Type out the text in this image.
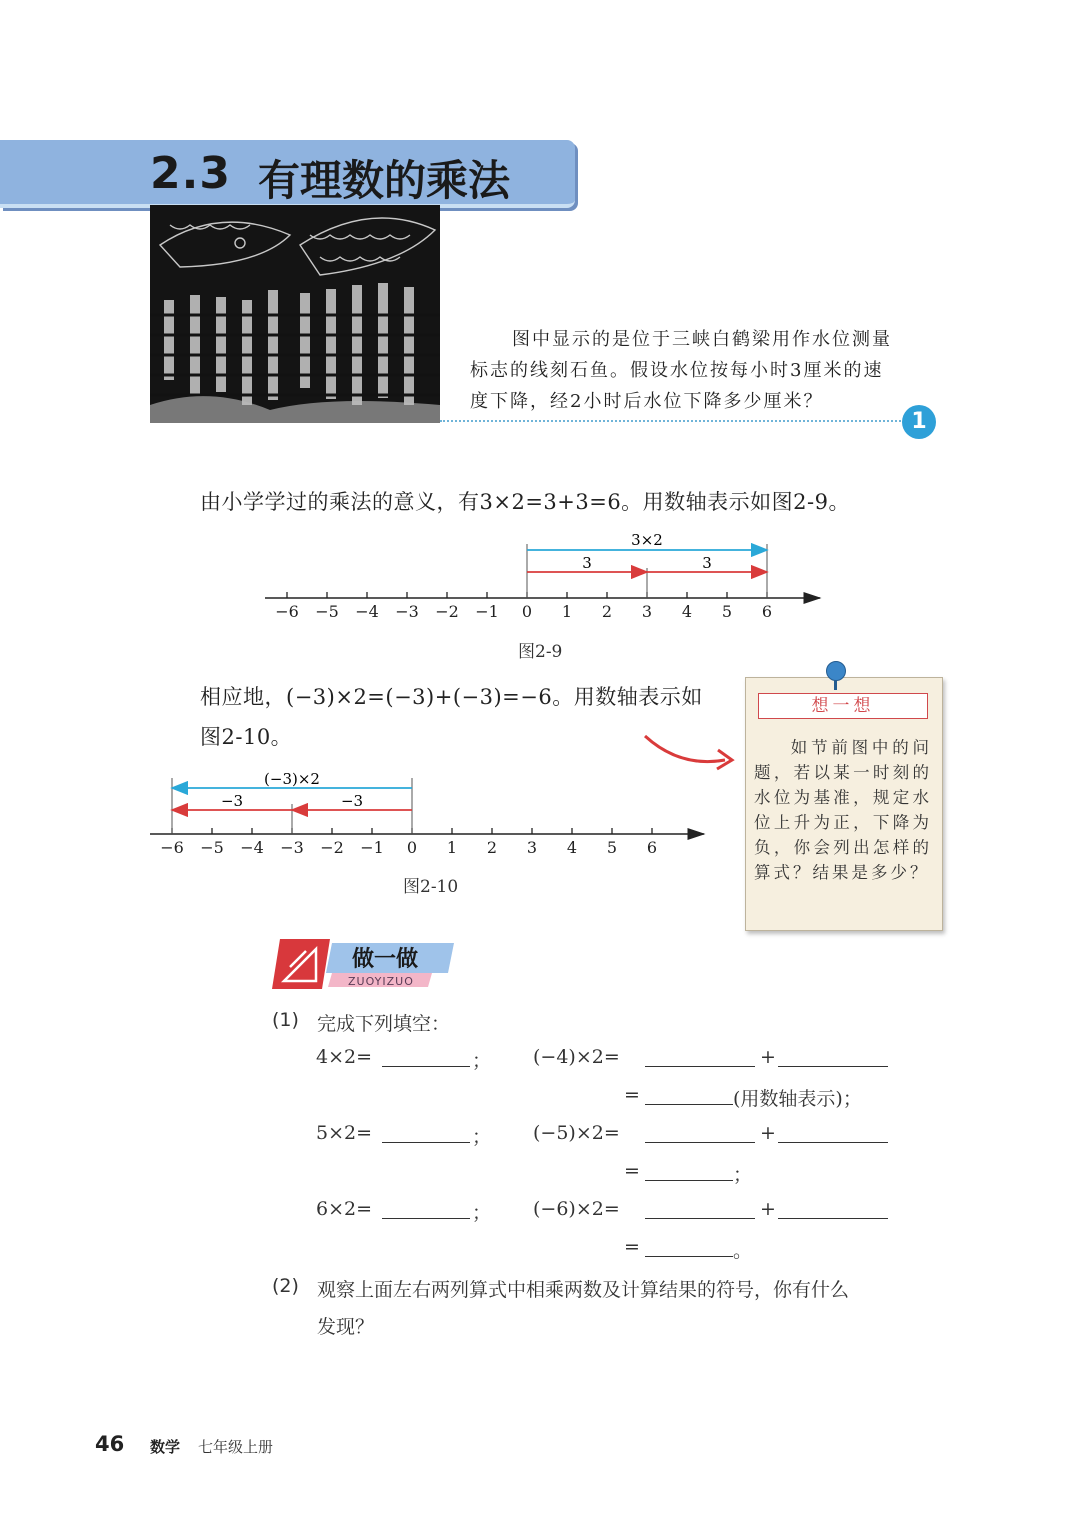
2.3 有理数的乘法
图中显示的是位于三峡白鹤梁用作水位测量标志的线刻石鱼。假设水位按每小时3厘米的速度下降，经2小时后水位下降多少厘米？
1
由小学学过的乘法的意义，有3×2=3+3=6。用数轴表示如图2-9。
−6 −5 −4 −3 −2 −1 0 1 2 3 4 5 6
3×2
3	3
图2-9
相应地，(−3)×2=(−3)+(−3)=−6。用数轴表示如图2-10。
−6 −5 −4 −3 −2 −1 0 1 2 3 4 5 6
(−3)×2
−3	−3
图2-10
想一想
如节前图中的问题，若以某一时刻的水位为基准，规定水位上升为正，下降为负，你会列出怎样的算式？结果是多少？
做一做
ZUOYIZUO
(1) 完成下列填空：
4×2=	； (−4)×2=	+
=	(用数轴表示)；
5×2=	； (−5)×2=	+
=	；
6×2=	； (−6)×2=	+
=	。
(2) 观察上面左右两列算式中相乘两数及计算结果的符号，你有什么
发现？
46 数学 七年级上册
